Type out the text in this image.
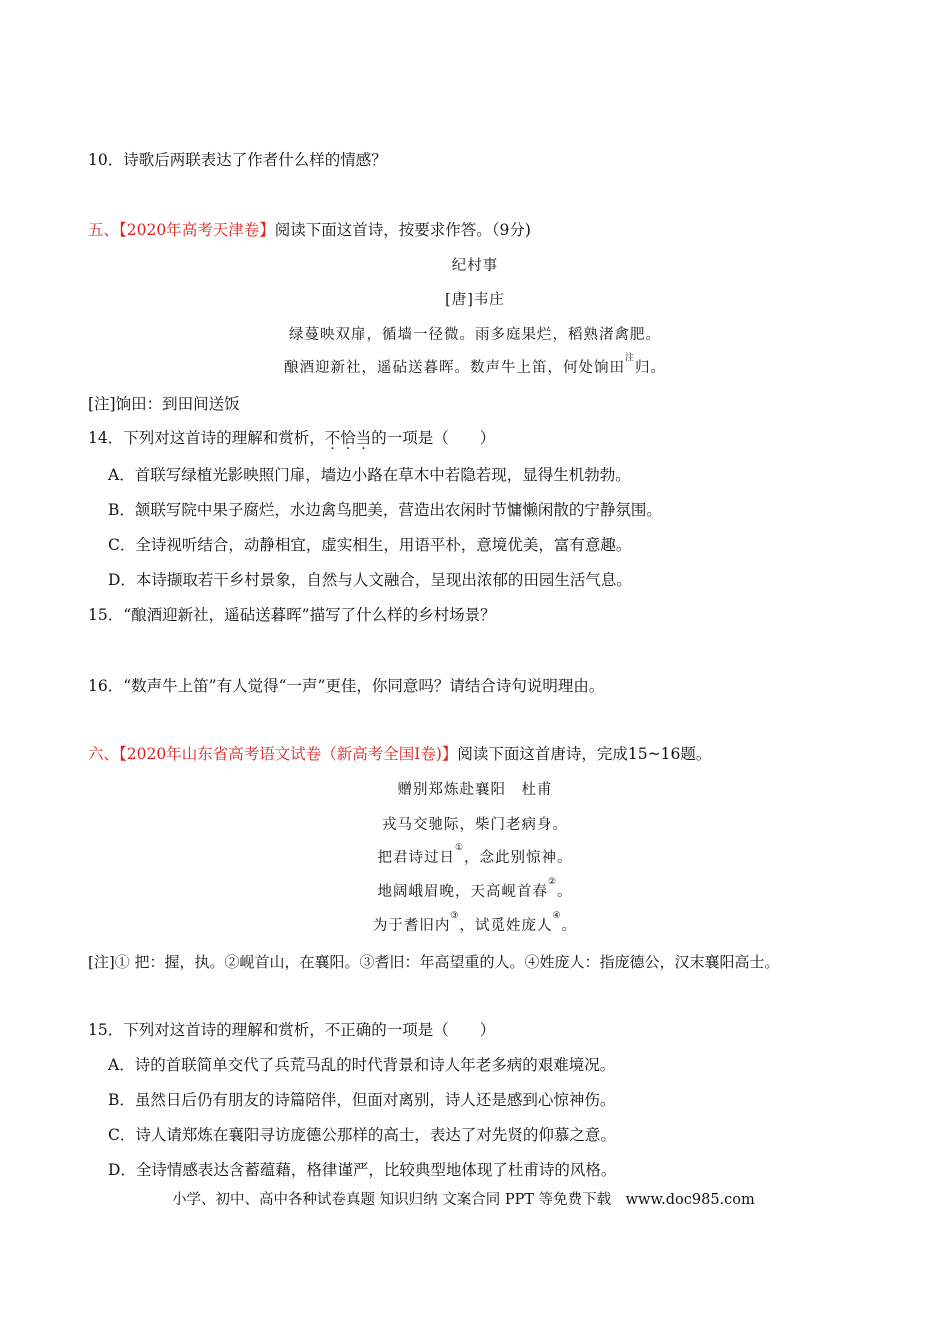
10．诗歌后两联表达了作者什么样的情感？
五、【2020年高考天津卷】阅读下面这首诗，按要求作答。（9分)
纪村事
[唐]韦庄
绿蔓映双扉，循墙一径微。雨多庭果烂，稻熟渚禽肥。
酿酒迎新社，遥砧送暮晖。数声牛上笛，何处饷田$^注$归。
[注]饷田：到田间送饭
14．下列对这首诗的理解和赏析，不恰当的一项是（　　）
A．首联写绿植光影映照门扉，墙边小路在草木中若隐若现，显得生机勃勃。
B．颔联写院中果子腐烂，水边禽鸟肥美，营造出农闲时节慵懒闲散的宁静氛围。
C．全诗视听结合，动静相宜，虚实相生，用语平朴，意境优美，富有意趣。
D．本诗撷取若干乡村景象，自然与人文融合，呈现出浓郁的田园生活气息。
15．“酿酒迎新社，遥砧送暮晖”描写了什么样的乡村场景？
16．“数声牛上笛”有人觉得“一声”更佳，你同意吗？请结合诗句说明理由。
六、【2020年山东省高考语文试卷（新高考全国Ⅰ卷)】阅读下面这首唐诗，完成15~16题。
赠别郑炼赴襄阳　杜甫
戎马交驰际，柴门老病身。
把君诗过日①，念此别惊神。
地阔峨眉晚，天高岘首春②。
为于耆旧内③，试觅姓庞人④。
[注]① 把：握，执。②岘首山，在襄阳。③耆旧：年高望重的人。④姓庞人：指庞德公，汉末襄阳高士。
15．下列对这首诗的理解和赏析，不正确的一项是（　　）
A．诗的首联简单交代了兵荒马乱的时代背景和诗人年老多病的艰难境况。
B．虽然日后仍有朋友的诗篇陪伴，但面对离别，诗人还是感到心惊神伤。
C．诗人请郑炼在襄阳寻访庞德公那样的高士，表达了对先贤的仰慕之意。
D．全诗情感表达含蓄蕴藉，格律谨严，比较典型地体现了杜甫诗的风格。
小学、初中、高中各种试卷真题 知识归纳 文案合同 PPT 等免费下载　www.doc985.com
